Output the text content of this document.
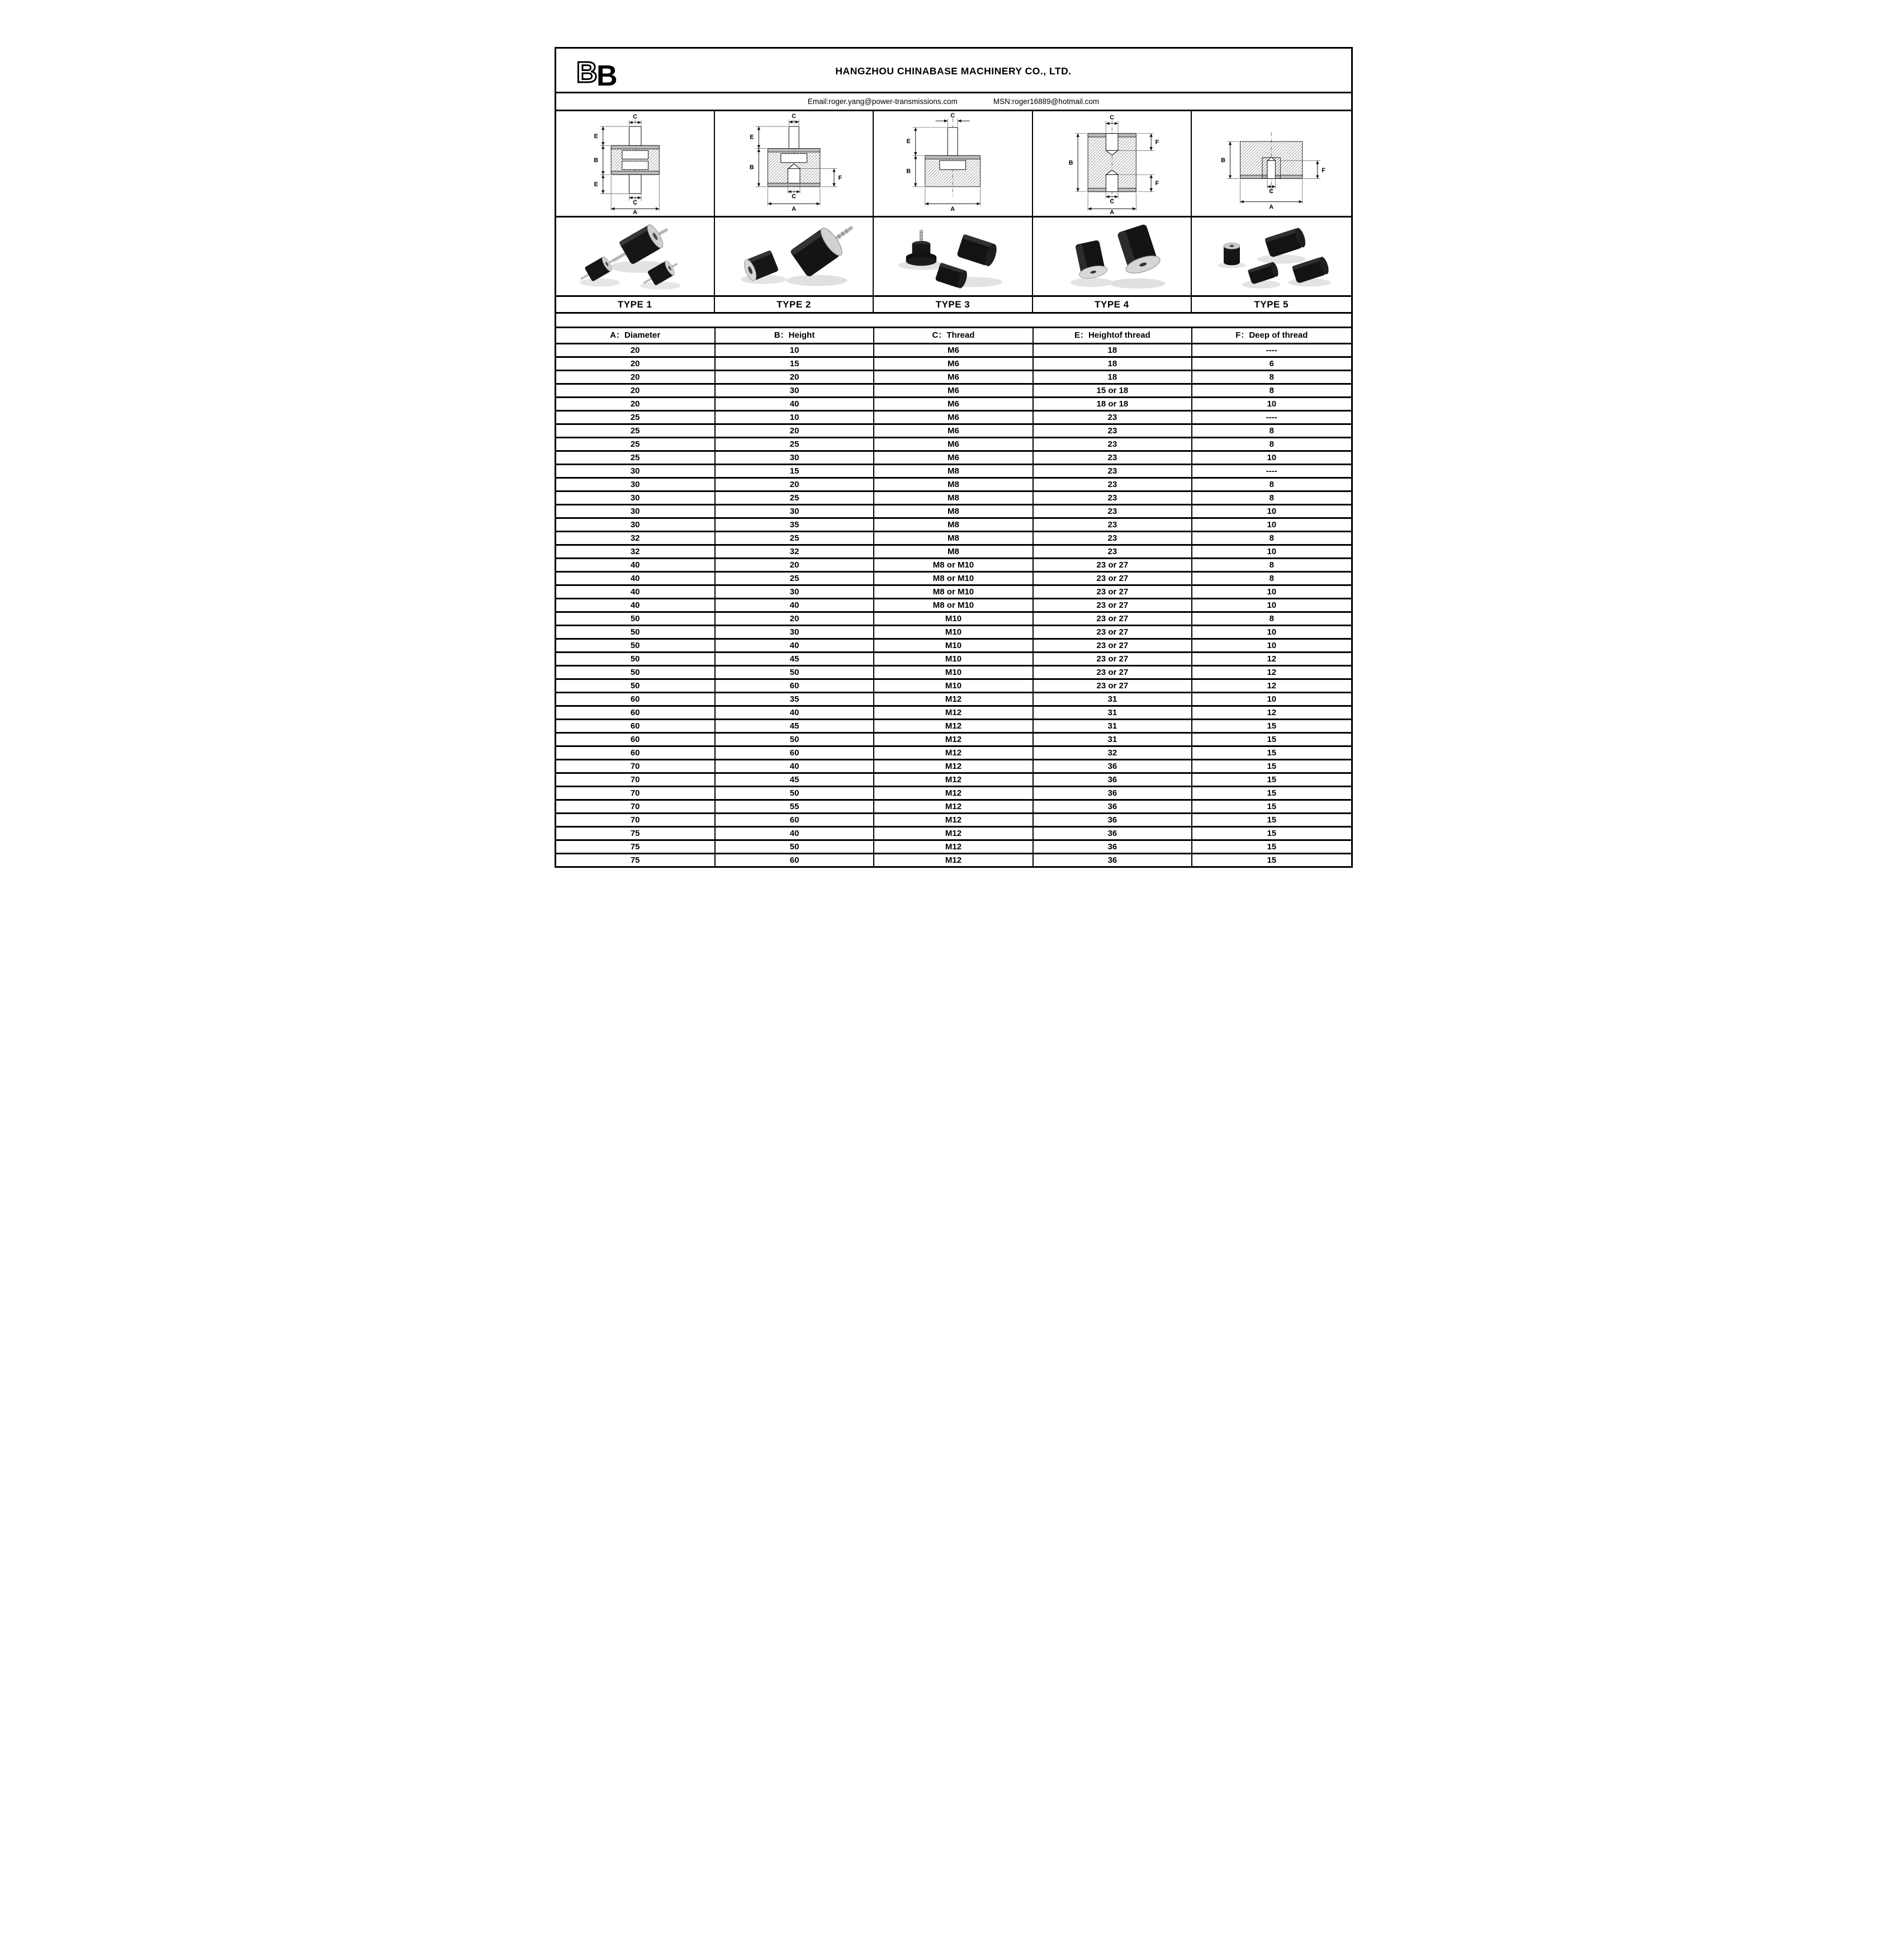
B
B	HANGZHOU CHINABASE MACHINERY CO., LTD.
Email:roger.yang@power-transmissions.com	MSN:roger16889@hotmail.com
C
E
B
E
C
A
C
E
B
F
C
A
C
E
B
A
C
B
F
F
C
A
B
F
C
A
TYPE 1	TYPE 2	TYPE 3	TYPE 4	TYPE 5
A：Diameter	B：Height	C：Thread	E：Heightof thread	F：Deep of thread
20	10	M6	18	----
20	15	M6	18	6
20	20	M6	18	8
20	30	M6	15 or 18	8
20	40	M6	18 or 18	10
25	10	M6	23	----
25	20	M6	23	8
25	25	M6	23	8
25	30	M6	23	10
30	15	M8	23	----
30	20	M8	23	8
30	25	M8	23	8
30	30	M8	23	10
30	35	M8	23	10
32	25	M8	23	8
32	32	M8	23	10
40	20	M8 or M10	23 or 27	8
40	25	M8 or M10	23 or 27	8
40	30	M8 or M10	23 or 27	10
40	40	M8 or M10	23 or 27	10
50	20	M10	23 or 27	8
50	30	M10	23 or 27	10
50	40	M10	23 or 27	10
50	45	M10	23 or 27	12
50	50	M10	23 or 27	12
50	60	M10	23 or 27	12
60	35	M12	31	10
60	40	M12	31	12
60	45	M12	31	15
60	50	M12	31	15
60	60	M12	32	15
70	40	M12	36	15
70	45	M12	36	15
70	50	M12	36	15
70	55	M12	36	15
70	60	M12	36	15
75	40	M12	36	15
75	50	M12	36	15
75	60	M12	36	15
